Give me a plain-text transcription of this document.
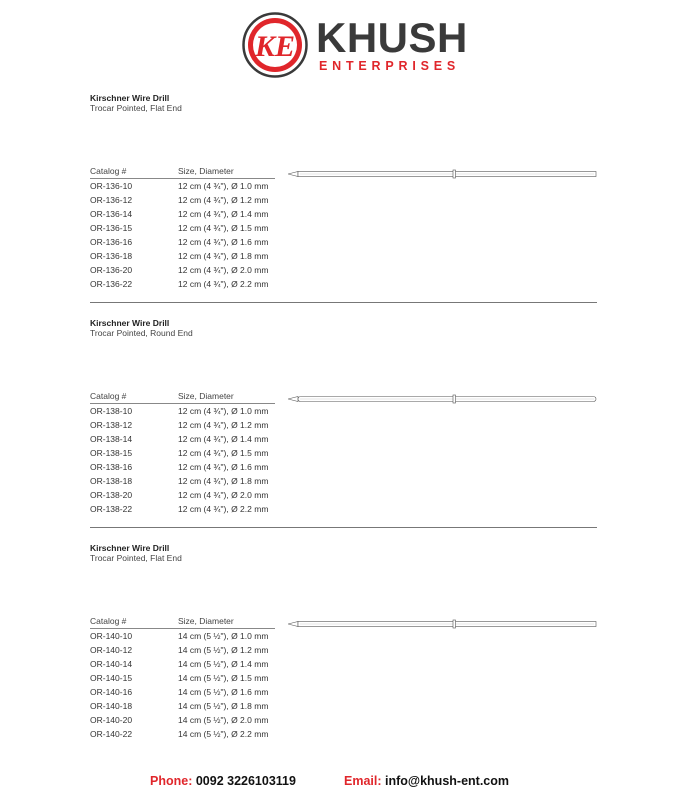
KE KHUSH
ENTERPRISES
Kirschner Wire Drill
Trocar Pointed, Flat End
Catalog #	Size, Diameter
OR-136-10	12 cm (4 ¾"), Ø 1.0 mm
OR-136-12	12 cm (4 ¾"), Ø 1.2 mm
OR-136-14	12 cm (4 ¾"), Ø 1.4 mm
OR-136-15	12 cm (4 ¾"), Ø 1.5 mm
OR-136-16	12 cm (4 ¾"), Ø 1.6 mm
OR-136-18	12 cm (4 ¾"), Ø 1.8 mm
OR-136-20	12 cm (4 ¾"), Ø 2.0 mm
OR-136-22	12 cm (4 ¾"), Ø 2.2 mm
Kirschner Wire Drill
Trocar Pointed, Round End
Catalog #	Size, Diameter
OR-138-10	12 cm (4 ¾"), Ø 1.0 mm
OR-138-12	12 cm (4 ¾"), Ø 1.2 mm
OR-138-14	12 cm (4 ¾"), Ø 1.4 mm
OR-138-15	12 cm (4 ¾"), Ø 1.5 mm
OR-138-16	12 cm (4 ¾"), Ø 1.6 mm
OR-138-18	12 cm (4 ¾"), Ø 1.8 mm
OR-138-20	12 cm (4 ¾"), Ø 2.0 mm
OR-138-22	12 cm (4 ¾"), Ø 2.2 mm
Kirschner Wire Drill
Trocar Pointed, Flat End
Catalog #	Size, Diameter
OR-140-10	14 cm (5 ½"), Ø 1.0 mm
OR-140-12	14 cm (5 ½"), Ø 1.2 mm
OR-140-14	14 cm (5 ½"), Ø 1.4 mm
OR-140-15	14 cm (5 ½"), Ø 1.5 mm
OR-140-16	14 cm (5 ½"), Ø 1.6 mm
OR-140-18	14 cm (5 ½"), Ø 1.8 mm
OR-140-20	14 cm (5 ½"), Ø 2.0 mm
OR-140-22	14 cm (5 ½"), Ø 2.2 mm
Phone: 0092 3226103119	Email: info@khush-ent.com
